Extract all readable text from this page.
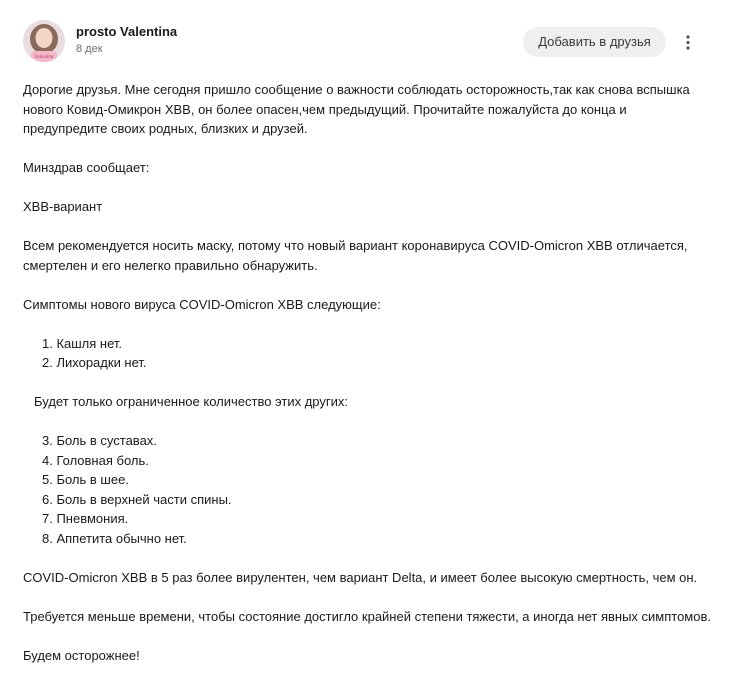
Valentina
prosto Valentina
8 дек	Добавить в друзья

Дорогие друзья. Мне сегодня пришло сообщение о важности соблюдать осторожность,так как снова вспышка нового Ковид-Омикрон ХВВ, он более опасен,чем предыдущий. Прочитайте пожалуйста до конца и предупредите своих родных, близких и друзей.

Минздрав сообщает:

ХВВ-вариант

Всем рекомендуется носить маску, потому что новый вариант коронавируса COVID-Omicron XBB отличается, смертелен и его нелегко правильно обнаружить.

Симптомы нового вируса COVID-Omicron XBB следующие:

1. Кашля нет.
2. Лихорадки нет.

Будет только ограниченное количество этих других:

3. Боль в суставах.
4. Головная боль.
5. Боль в шее.
6. Боль в верхней части спины.
7. Пневмония.
8. Аппетита обычно нет.

COVID-Omicron XBB в 5 раз более вирулентен, чем вариант Delta, и имеет более высокую смертность, чем он.

Требуется меньше времени, чтобы состояние достигло крайней степени тяжести, а иногда нет явных симптомов.

Будем осторожнее!
